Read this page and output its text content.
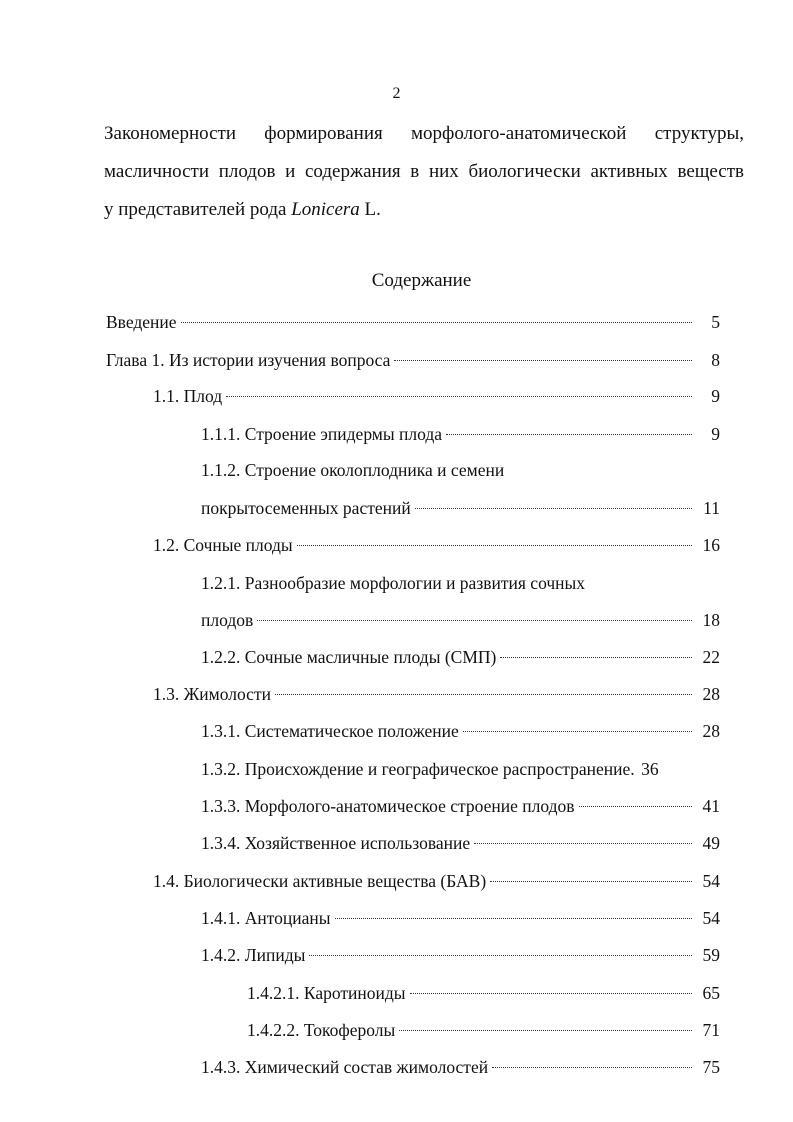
2
Закономерности формирования морфолого-анатомической структуры,
масличности плодов и содержания в них биологически активных веществ
у представителей рода Lonicera L.
Содержание
Введение	5
Глава 1. Из истории изучения вопроса	8
1.1. Плод	9
1.1.1. Строение эпидермы плода	9
1.1.2. Строение околоплодника и семени
покрытосеменных растений	11
1.2. Сочные плоды	16
1.2.1. Разнообразие морфологии и развития сочных
плодов	18
1.2.2. Сочные масличные плоды (СМП)	22
1.3. Жимолости	28
1.3.1. Систематическое положение	28
1.3.2. Происхождение и географическое распространение. 36
1.3.3. Морфолого-анатомическое строение плодов	41
1.3.4. Хозяйственное использование	49
1.4. Биологически активные вещества (БАВ)	54
1.4.1. Антоцианы	54
1.4.2. Липиды	59
1.4.2.1. Каротиноиды	65
1.4.2.2. Токоферолы	71
1.4.3. Химический состав жимолостей	75
